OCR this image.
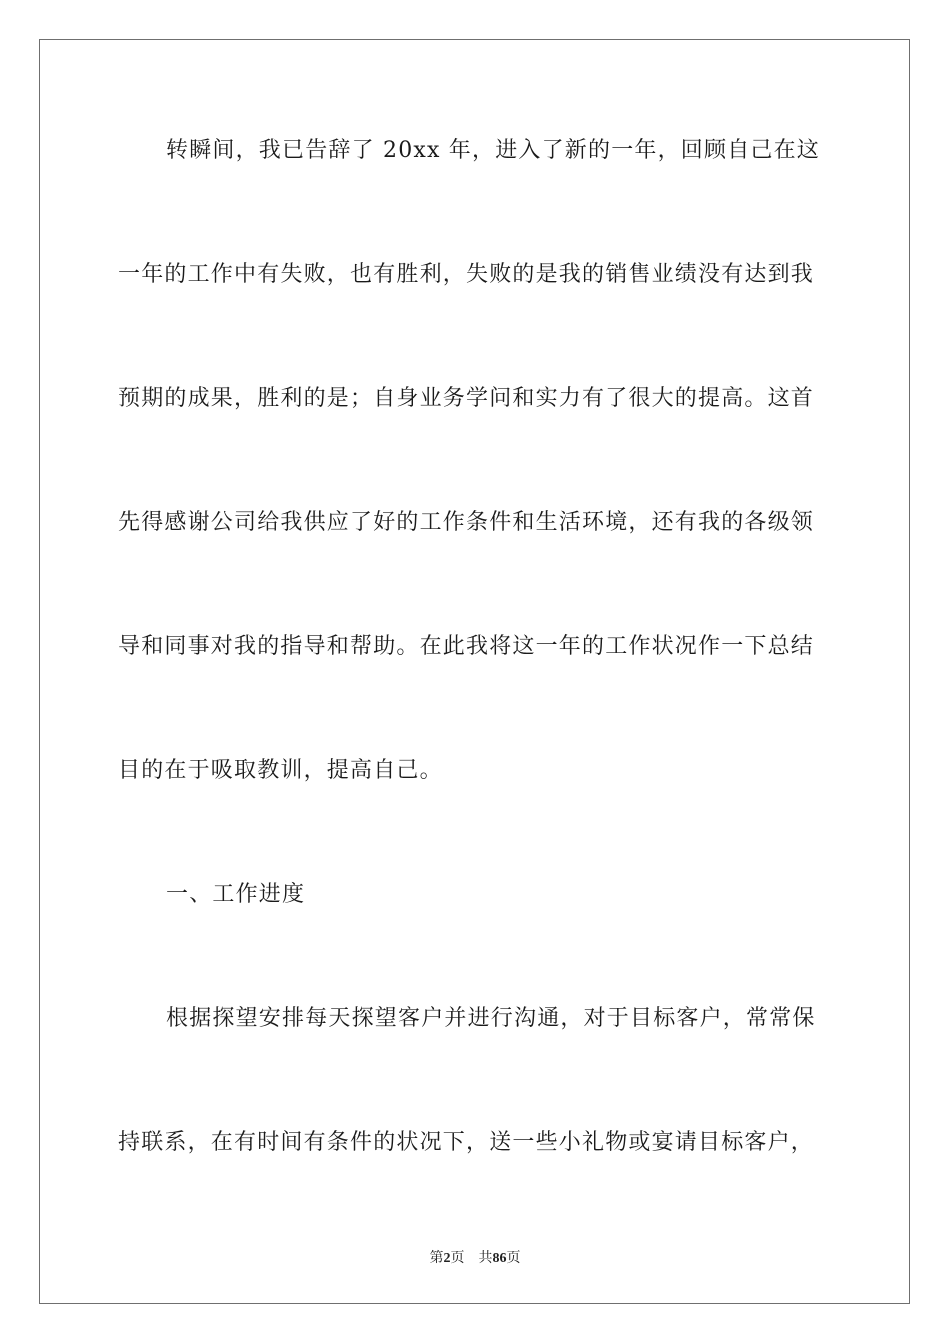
转瞬间，我已告辞了 20xx 年，进入了新的一年，回顾自己在这
一年的工作中有失败，也有胜利，失败的是我的销售业绩没有达到我
预期的成果，胜利的是；自身业务学问和实力有了很大的提高。这首
先得感谢公司给我供应了好的工作条件和生活环境，还有我的各级领
导和同事对我的指导和帮助。在此我将这一年的工作状况作一下总结
目的在于吸取教训，提高自己。
一、工作进度
根据探望安排每天探望客户并进行沟通，对于目标客户，常常保
持联系，在有时间有条件的状况下，送一些小礼物或宴请目标客户，
第2页 共86页
